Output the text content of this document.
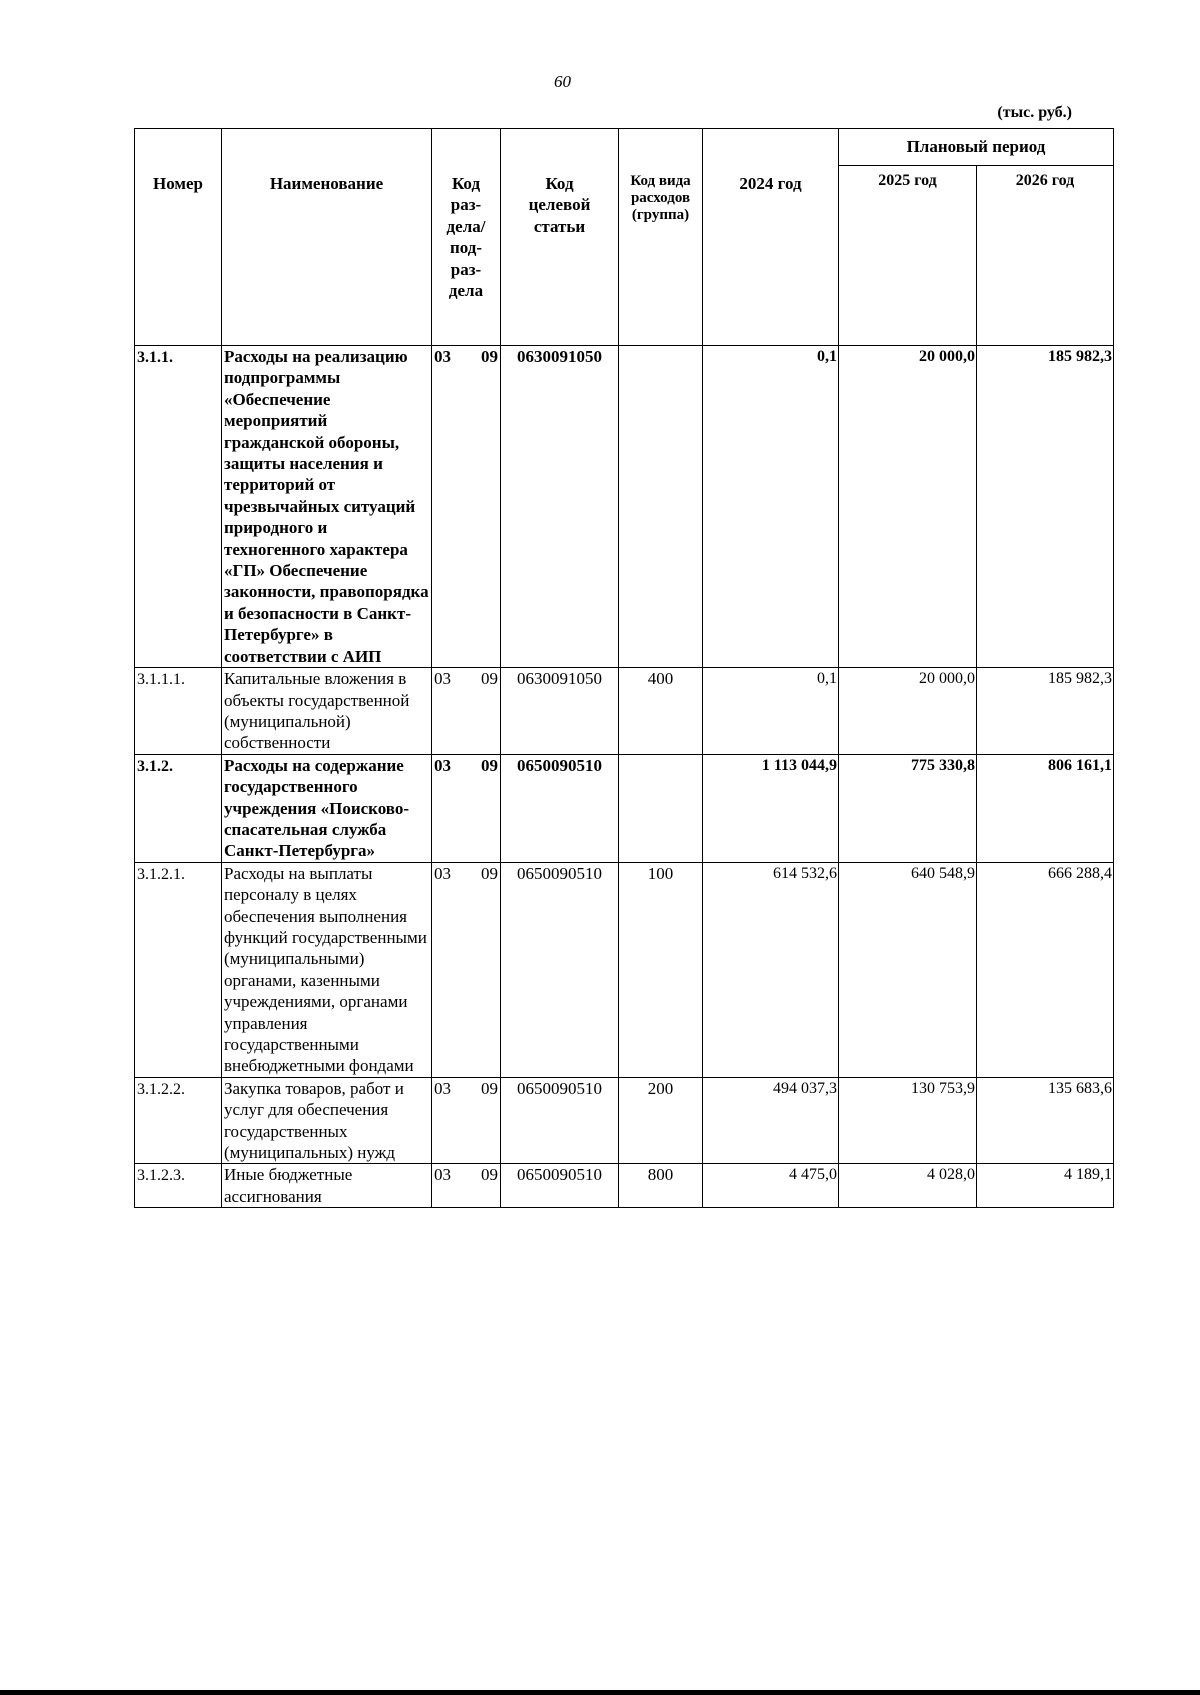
60
(тыс. руб.)
Номер	Наименование	Код раз- дела/ под- раз- дела		Код целевой статьи	Код вида расходов (группа)	2024 год	Плановый период	
							2025 год	2026 год
3.1.1.	Расходы на реализацию подпрограммы «Обеспечение мероприятий гражданской обороны, защиты населения и территорий от чрезвычайных ситуаций природного и техногенного характера «ГП» Обеспечение законности, правопорядка и безопасности в Санкт-Петербурге» в соответствии с АИП	03	09	0630091050		0,1	20 000,0	185 982,3
3.1.1.1.	Капитальные вложения в объекты государственной (муниципальной) собственности	03	09	0630091050	400	0,1	20 000,0	185 982,3
3.1.2.	Расходы на содержание государственного учреждения «Поисково-спасательная служба Санкт-Петербурга»	03	09	0650090510		1 113 044,9	775 330,8	806 161,1
3.1.2.1.	Расходы на выплаты персоналу в целях обеспечения выполнения функций государственными (муниципальными) органами, казенными учреждениями, органами управления государственными внебюджетными фондами	03	09	0650090510	100	614 532,6	640 548,9	666 288,4
3.1.2.2.	Закупка товаров, работ и услуг для обеспечения государственных (муниципальных) нужд	03	09	0650090510	200	494 037,3	130 753,9	135 683,6
3.1.2.3.	Иные бюджетные ассигнования	03	09	0650090510	800	4 475,0	4 028,0	4 189,1
